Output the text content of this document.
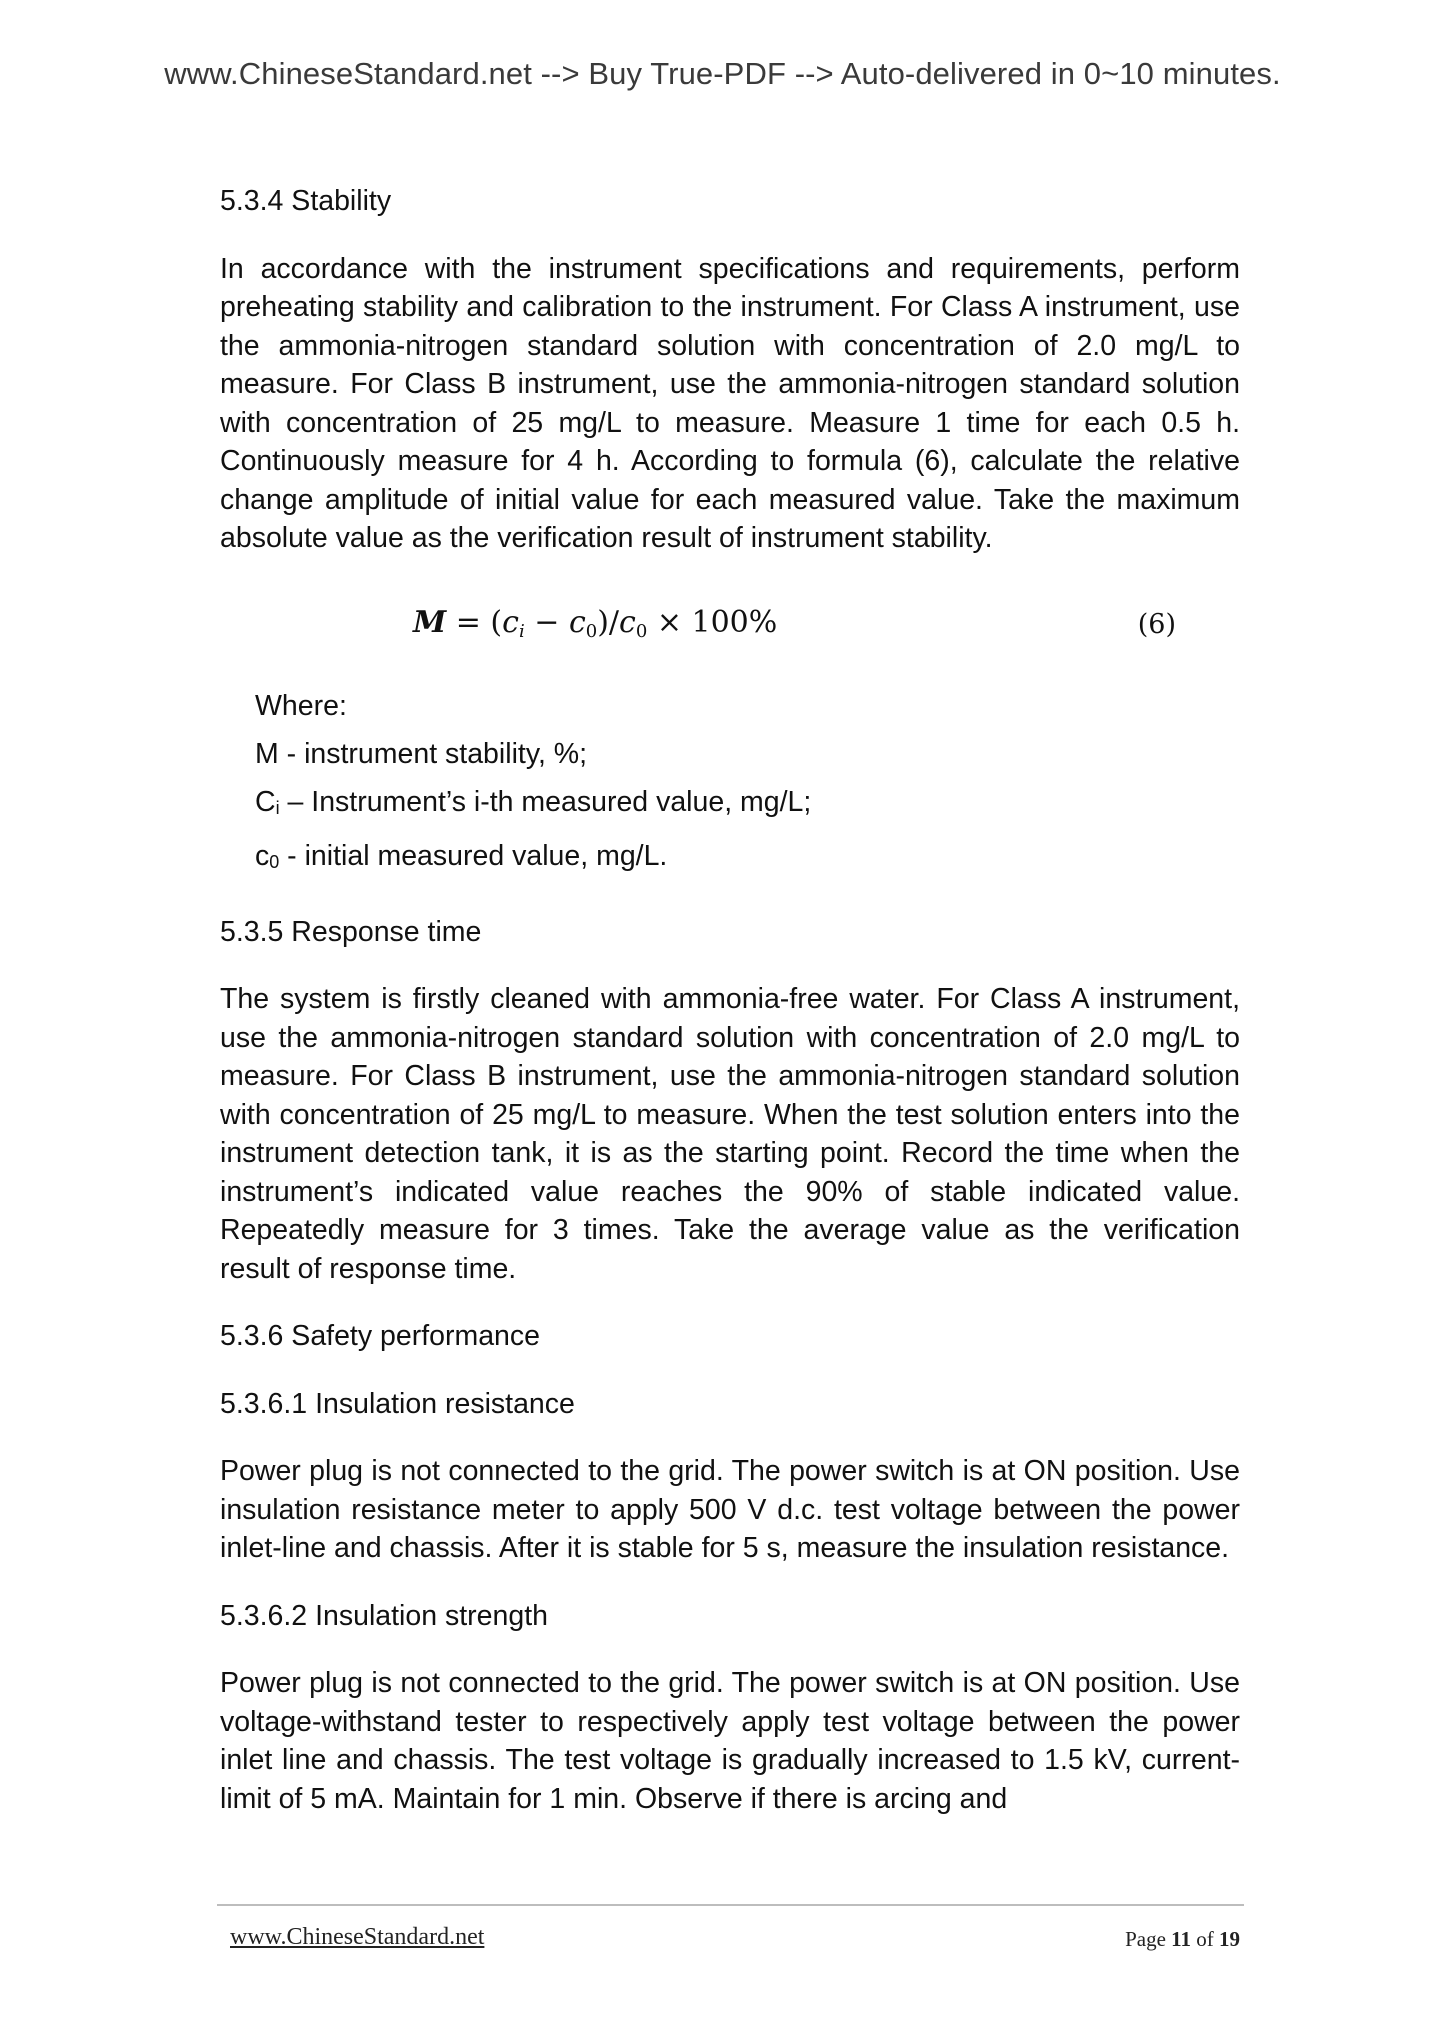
www.ChineseStandard.net --> Buy True-PDF --> Auto-delivered in 0~10 minutes.
5.3.4 Stability
In accordance with the instrument specifications and requirements, perform preheating stability and calibration to the instrument. For Class A instrument, use the ammonia-nitrogen standard solution with concentration of 2.0 mg/L to measure. For Class B instrument, use the ammonia-nitrogen standard solution with concentration of 25 mg/L to measure. Measure 1 time for each 0.5 h. Continuously measure for 4 h. According to formula (6), calculate the relative change amplitude of initial value for each measured value. Take the maximum absolute value as the verification result of instrument stability.
$M = (c_i - c_0)/c_0 \times 100\%$	(6)
Where:
M - instrument stability, %;
$C_i$ – Instrument’s i-th measured value, mg/L;
$c_0$ - initial measured value, mg/L.
5.3.5 Response time
The system is firstly cleaned with ammonia-free water. For Class A instrument, use the ammonia-nitrogen standard solution with concentration of 2.0 mg/L to measure. For Class B instrument, use the ammonia-nitrogen standard solution with concentration of 25 mg/L to measure. When the test solution enters into the instrument detection tank, it is as the starting point. Record the time when the instrument’s indicated value reaches the 90% of stable indicated value. Repeatedly measure for 3 times. Take the average value as the verification result of response time.
5.3.6 Safety performance
5.3.6.1 Insulation resistance
Power plug is not connected to the grid. The power switch is at ON position. Use insulation resistance meter to apply 500 V d.c. test voltage between the power inlet-line and chassis. After it is stable for 5 s, measure the insulation resistance.
5.3.6.2 Insulation strength
Power plug is not connected to the grid. The power switch is at ON position. Use voltage-withstand tester to respectively apply test voltage between the power inlet line and chassis. The test voltage is gradually increased to 1.5 kV, current-limit of 5 mA. Maintain for 1 min. Observe if there is arcing and
www.ChineseStandard.net	Page 11 of 19
